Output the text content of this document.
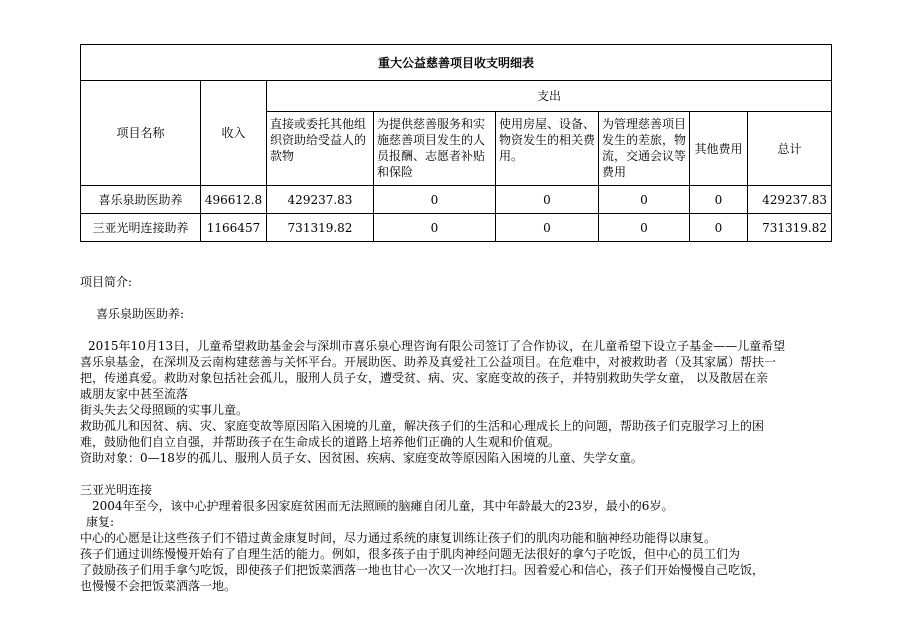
重大公益慈善项目收支明细表							
项目名称	收入	支出					
		直接或委托其他组织资助给受益人的款物	为提供慈善服务和实施慈善项目发生的人员报酬、志愿者补贴和保险	使用房屋、设备、物资发生的相关费用。	为管理慈善项目发生的差旅，物流，交通会议等费用	其他费用	总计
喜乐泉助医助养	496612.8	429237.83	0	0	0	0	429237.83
三亚光明连接助养	1166457	731319.82	0	0	0	0	731319.82
项目简介:
喜乐泉助医助养:
2015年10月13日，儿童希望救助基金会与深圳市喜乐泉心理咨询有限公司签订了合作协议，在儿童希望下设立子基金——儿童希望
喜乐泉基金，在深圳及云南构建慈善与关怀平台。开展助医、助养及真爱社工公益项目。在危难中，对被救助者（及其家属）帮扶一
把，传递真爱。救助对象包括社会孤儿，服刑人员子女，遭受贫、病、灾、家庭变故的孩子，并特别救助失学女童， 以及散居在亲
戚朋友家中甚至流落
街头失去父母照顾的实事儿童。
救助孤儿和因贫、病、灾、家庭变故等原因陷入困境的儿童，解决孩子们的生活和心理成长上的问题，帮助孩子们克服学习上的困
难，鼓励他们自立自强，并帮助孩子在生命成长的道路上培养他们正确的人生观和价值观。
资助对象：0—18岁的孤儿、服刑人员子女、因贫困、疾病、家庭变故等原因陷入困境的儿童、失学女童。
三亚光明连接
2004年至今，该中心护理着很多因家庭贫困而无法照顾的脑瘫自闭儿童，其中年龄最大的23岁，最小的6岁。
康复:
中心的心愿是让这些孩子们不错过黄金康复时间，尽力通过系统的康复训练让孩子们的肌肉功能和脑神经功能得以康复。
孩子们通过训练慢慢开始有了自理生活的能力。例如，很多孩子由于肌肉神经问题无法很好的拿勺子吃饭，但中心的员工们为
了鼓励孩子们用手拿勺吃饭，即使孩子们把饭菜洒落一地也甘心一次又一次地打扫。因着爱心和信心，孩子们开始慢慢自己吃饭，
也慢慢不会把饭菜洒落一地。
